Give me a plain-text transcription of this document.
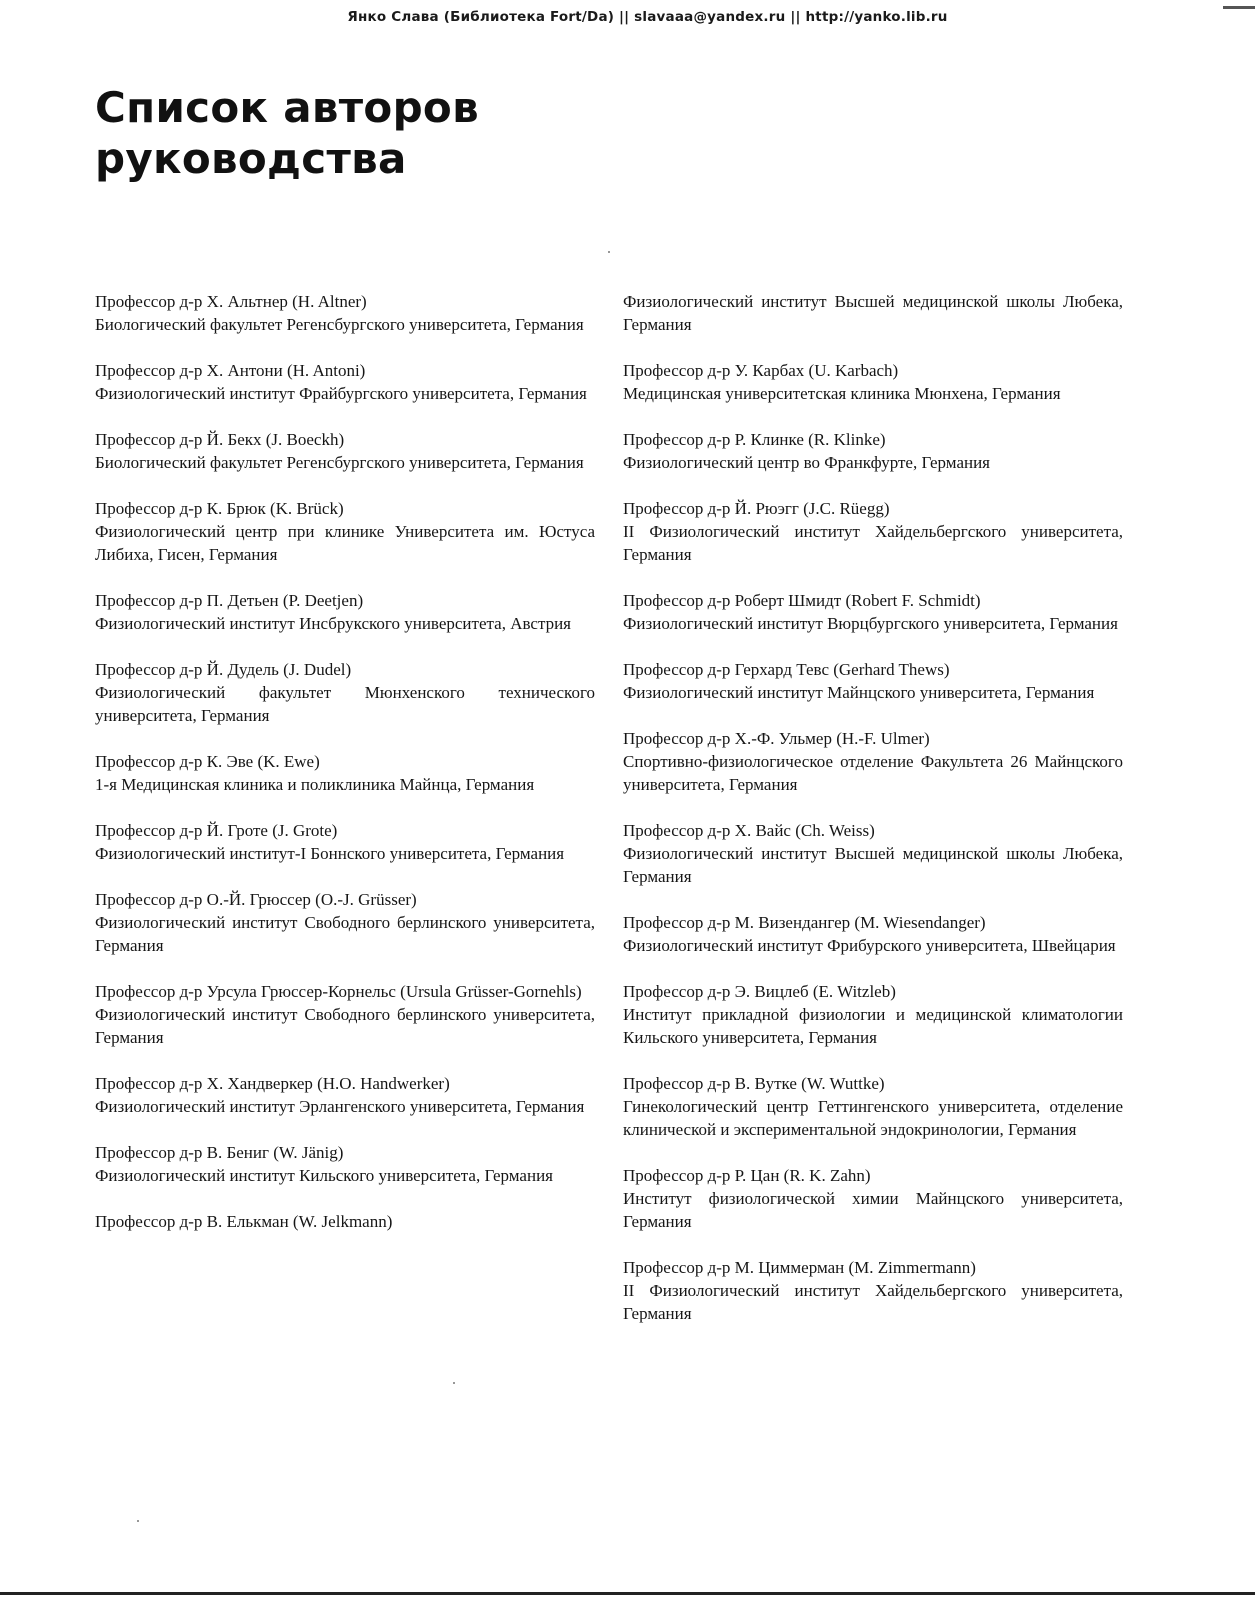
Янко Слава (Библиотека Fort/Da) || slavaaa@yandex.ru || http://yanko.lib.ru
Список авторов
руководства
Профессор д-р Х. Альтнер (H. Altner)
Биологический факультет Регенсбургского университета, Германия
Профессор д-р Х. Антони (H. Antoni)
Физиологический институт Фрайбургского университета, Германия
Профессор д-р Й. Бекх (J. Boeckh)
Биологический факультет Регенсбургского университета, Германия
Профессор д-р К. Брюк (K. Brück)
Физиологический центр при клинике Университета им. Юстуса Либиха, Гисен, Германия
Профессор д-р П. Детьен (P. Deetjen)
Физиологический институт Инсбрукского университета, Австрия
Профессор д-р Й. Дудель (J. Dudel)
Физиологический факультет Мюнхенского технического университета, Германия
Профессор д-р К. Эве (K. Ewe)
1-я Медицинская клиника и поликлиника Майнца, Германия
Профессор д-р Й. Гроте (J. Grote)
Физиологический институт-I Боннского университета, Германия
Профессор д-р О.-Й. Грюссер (O.-J. Grüsser)
Физиологический институт Свободного берлинского университета, Германия
Профессор д-р Урсула Грюссер-Корнельс (Ursula Grüsser-Gornehls)
Физиологический институт Свободного берлинского университета, Германия
Профессор д-р Х. Хандверкер (H.O. Handwerker)
Физиологический институт Эрлангенского университета, Германия
Профессор д-р В. Бениг (W. Jänig)
Физиологический институт Кильского университета, Германия
Профессор д-р В. Елькман (W. Jelkmann)
Физиологический институт Высшей медицинской школы Любека, Германия
Профессор д-р У. Карбах (U. Karbach)
Медицинская университетская клиника Мюнхена, Германия
Профессор д-р Р. Клинке (R. Klinke)
Физиологический центр во Франкфурте, Германия
Профессор д-р Й. Рюэгг (J.C. Rüegg)
II Физиологический институт Хайдельбергского университета, Германия
Профессор д-р Роберт Шмидт (Robert F. Schmidt)
Физиологический институт Вюрцбургского университета, Германия
Профессор д-р Герхард Тевс (Gerhard Thews)
Физиологический институт Майнцского университета, Германия
Профессор д-р Х.-Ф. Ульмер (H.-F. Ulmer)
Спортивно-физиологическое отделение Факультета 26 Майнцского университета, Германия
Профессор д-р Х. Вайс (Ch. Weiss)
Физиологический институт Высшей медицинской школы Любека, Германия
Профессор д-р М. Визендангер (M. Wiesendanger)
Физиологический институт Фрибурского университета, Швейцария
Профессор д-р Э. Вицлеб (E. Witzleb)
Институт прикладной физиологии и медицинской климатологии Кильского университета, Германия
Профессор д-р В. Вутке (W. Wuttke)
Гинекологический центр Геттингенского университета, отделение клинической и экспериментальной эндокринологии, Германия
Профессор д-р Р. Цан (R. K. Zahn)
Институт физиологической химии Майнцского университета, Германия
Профессор д-р М. Циммерман (M. Zimmermann)
II Физиологический институт Хайдельбергского университета, Германия
